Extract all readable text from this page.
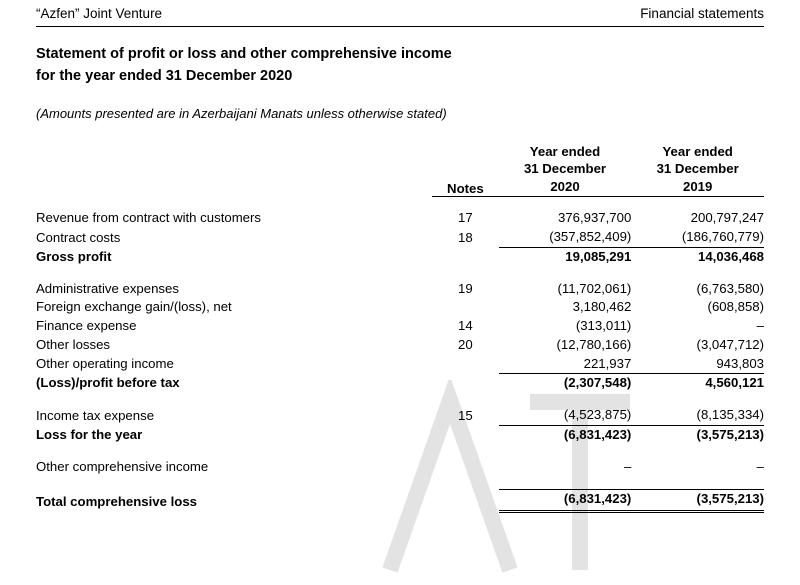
“Azfen” Joint Venture	Financial statements
Statement of profit or loss and other comprehensive income
for the year ended 31 December 2020
(Amounts presented are in Azerbaijani Manats unless otherwise stated)
	Notes	
Year ended
31 December
2020

Year ended
31 December
2019

Revenue from contract with customers	17	376,937,700	200,797,247
Contract costs	18	(357,852,409)	(186,760,779)
Gross profit		19,085,291	14,036,468

Administrative expenses	19	(11,702,061)	(6,763,580)
Foreign exchange gain/(loss), net		3,180,462	(608,858)
Finance expense	14	(313,011)	–
Other losses	20	(12,780,166)	(3,047,712)
Other operating income		221,937	943,803
(Loss)/profit before tax		(2,307,548)	4,560,121

Income tax expense	15	(4,523,875)	(8,135,334)
Loss for the year		(6,831,423)	(3,575,213)

Other comprehensive income		–	–

Total comprehensive loss		(6,831,423)	(3,575,213)
